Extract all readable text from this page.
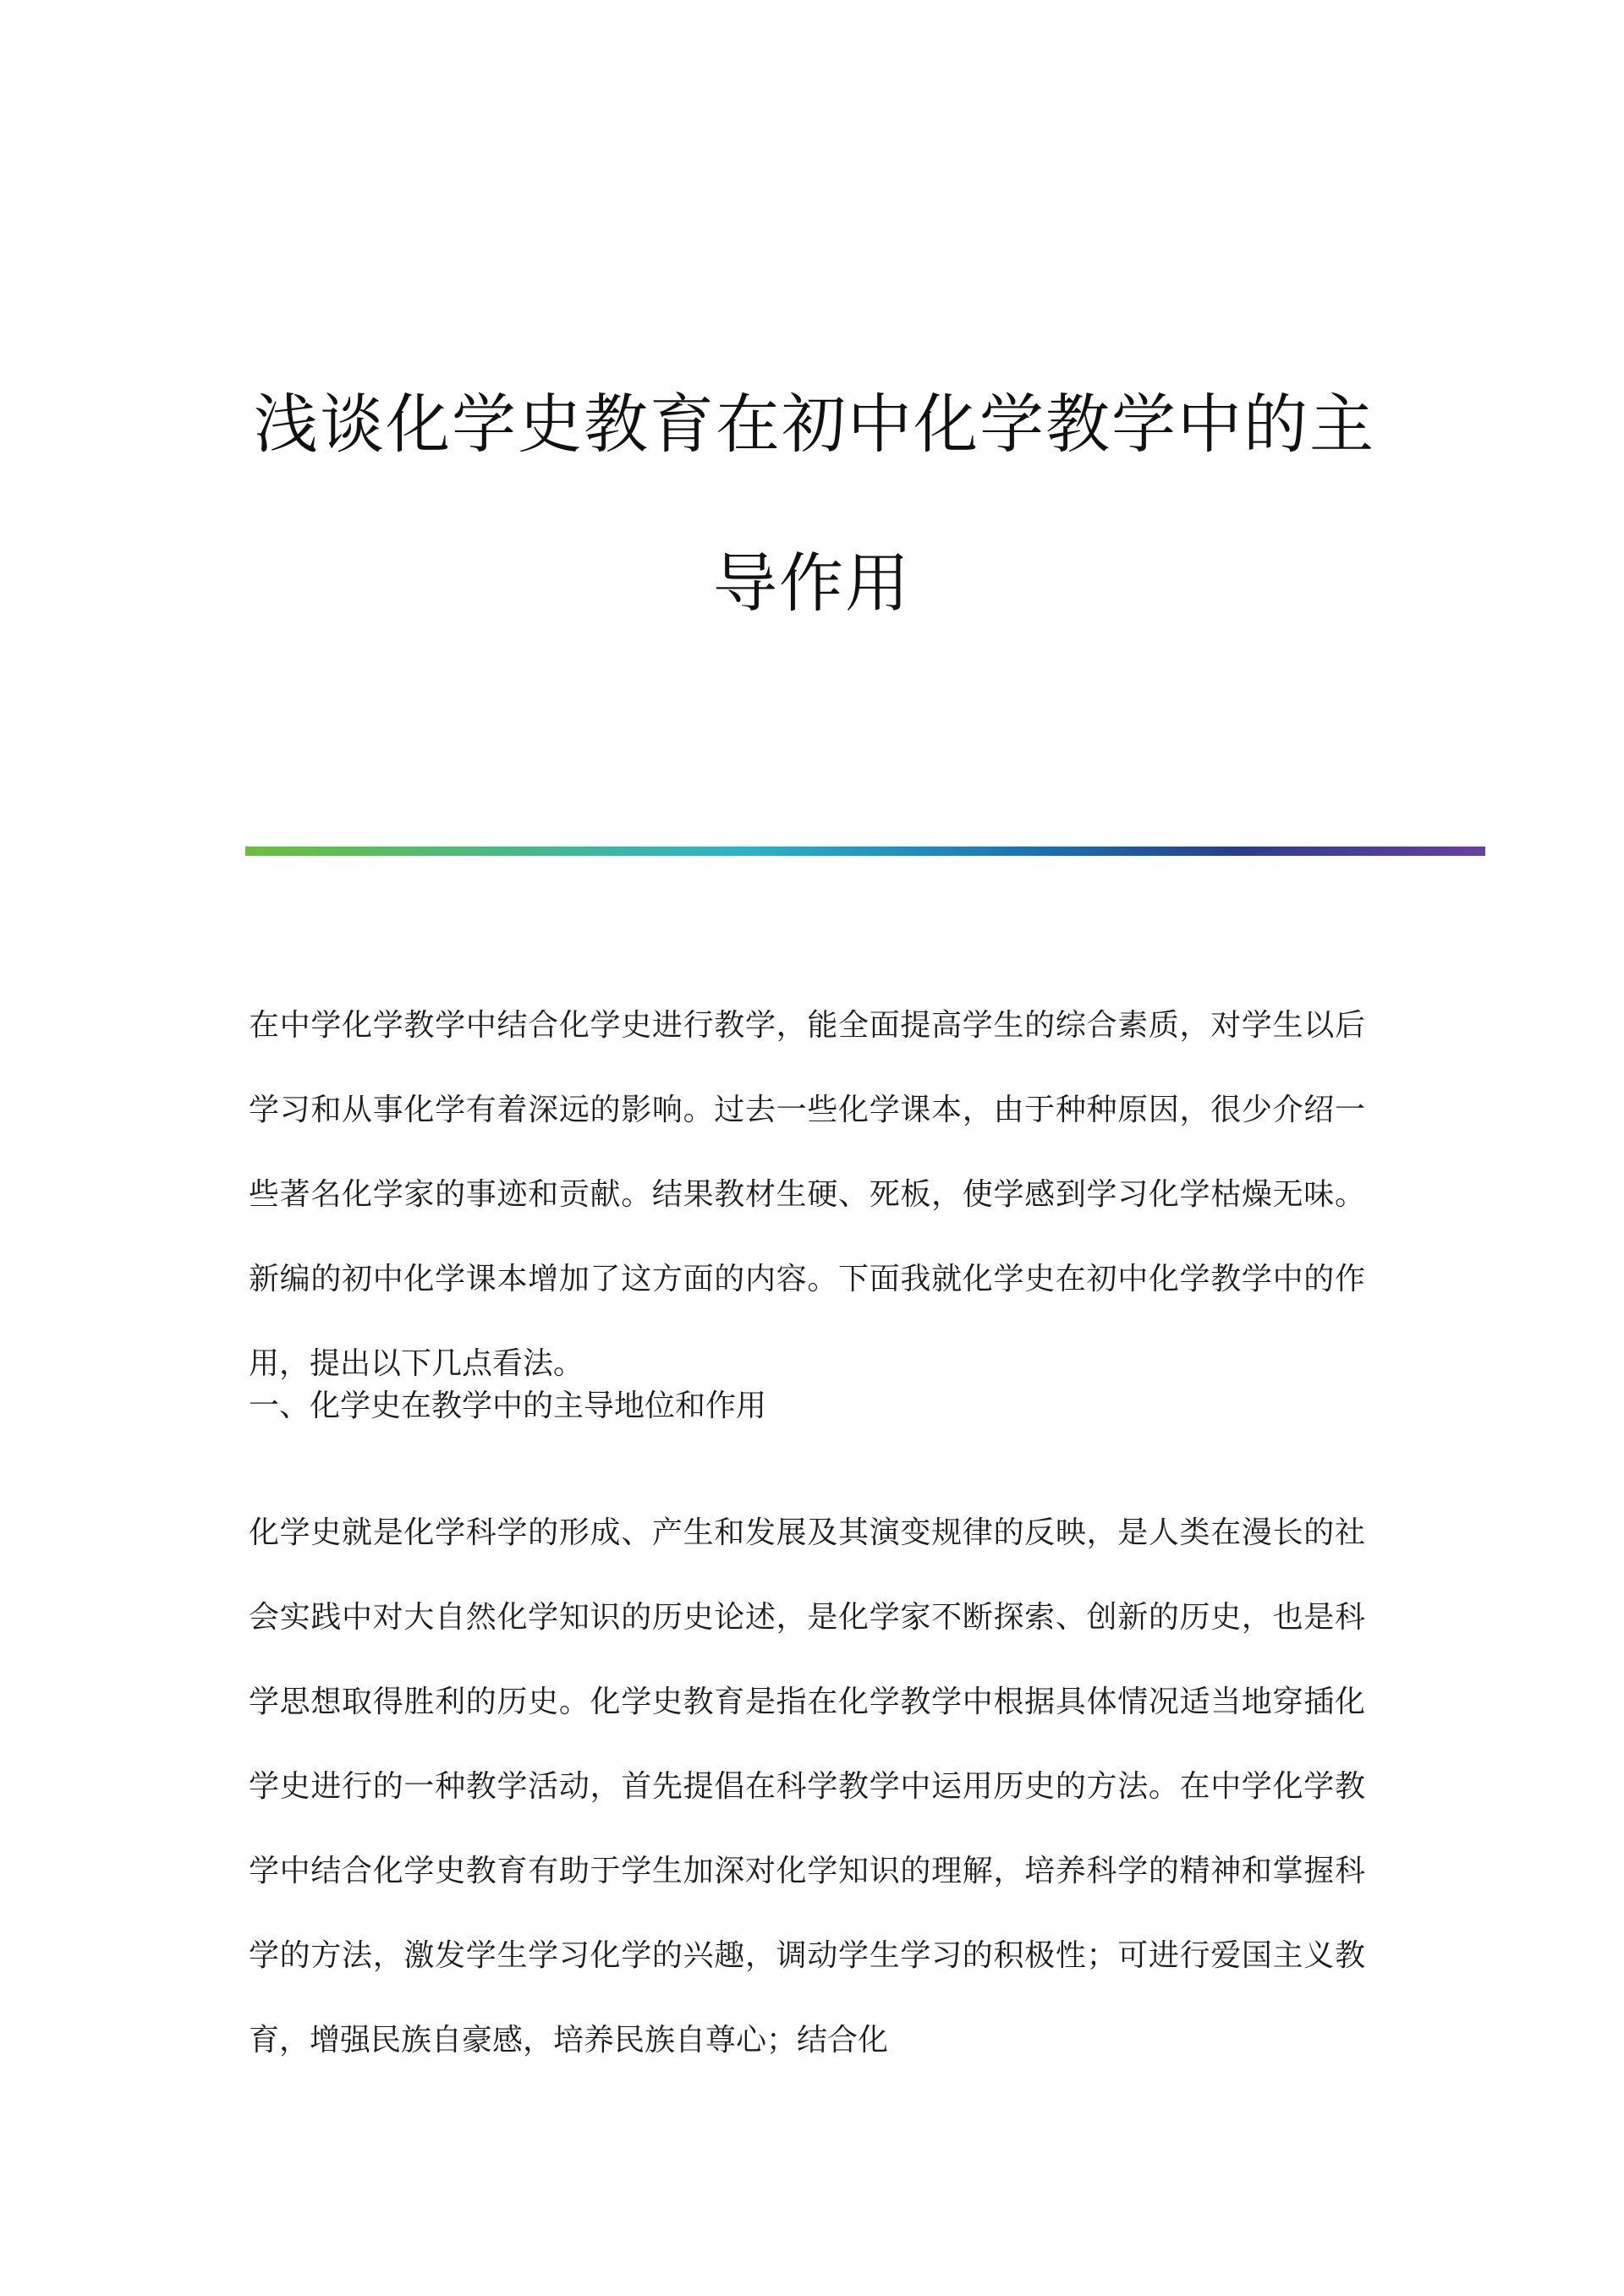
浅谈化学史教育在初中化学教学中的主
导作用

在中学化学教学中结合化学史进行教学，能全面提高学生的综合素质，对学生以后学习和从事化学有着深远的影响。过去一些化学课本，由于种种原因，很少介绍一些著名化学家的事迹和贡献。结果教材生硬、死板，使学感到学习化学枯燥无味。新编的初中化学课本增加了这方面的内容。下面我就化学史在初中化学教学中的作用，提出以下几点看法。

一、化学史在教学中的主导地位和作用

化学史就是化学科学的形成、产生和发展及其演变规律的反映，是人类在漫长的社会实践中对大自然化学知识的历史论述，是化学家不断探索、创新的历史，也是科学思想取得胜利的历史。化学史教育是指在化学教学中根据具体情况适当地穿插化学史进行的一种教学活动，首先提倡在科学教学中运用历史的方法。在中学化学教学中结合化学史教育有助于学生加深对化学知识的理解，培养科学的精神和掌握科学的方法，激发学生学习化学的兴趣，调动学生学习的积极性；可进行爱国主义教育，增强民族自豪感，培养民族自尊心；结合化
